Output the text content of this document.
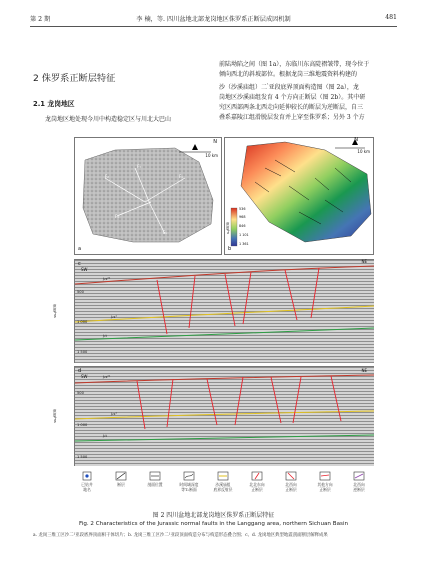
第 2 期	李 楠，等. 四川盆地北部龙岗地区侏罗系正断层成因机制	481
2 侏罗系正断层特征
2.1 龙岗地区
龙岗地区地处现今川中构造稳定区与川北大巴山
前陆坳陷之间（图 1a），东临川东高陡褶皱带，现今位于
倾向西北的斜坡部位。根据龙岗三维地震资料构建的
沙（沙溪庙组）二$^{^1}$亚段底界顶面构造图（图 2a），龙
岗地区沙溪庙组发育 4 个方向正断层（图 2b）。其中研
究区西部两条北西走向延伸较长的断层为逆断层，自三
叠系嘉陵江组滑脱层发育并上穿至侏罗系；另外 3 个方
a
N
10 km
F₂
F₃
F₁
F₄
F₅
b
N
10 km
深度/m
536
968
846
1 101
1 361
c
SW
NE
500
1 000
1 500
深度/ms
J₂s²¹
J₂s¹
J₁t
d
SW
NE
500
1 000
1 500
深度/ms
J₂s²¹
J₂s¹
J₁t
已钻井
地名
断层	剖面位置	时间域深度
等T₀断面
沙溪庙组
底界反射层
北北东向
正断层
北西向
正断层
其他方向
正断层
北西向
逆断层
图 2 四川盆地北部龙岗地区侏罗系正断层特征
Fig. 2 Characteristics of the Jurassic normal faults in the Langgang area, northern Sichuan Basin
a. 龙岗三维工区沙二¹亚段底界顶面相干体切片；b. 龙岗三维工区沙二¹亚段顶面构造分布与构造形态叠合图；c、d. 龙岗地区典型地震剖面断层解释成果
